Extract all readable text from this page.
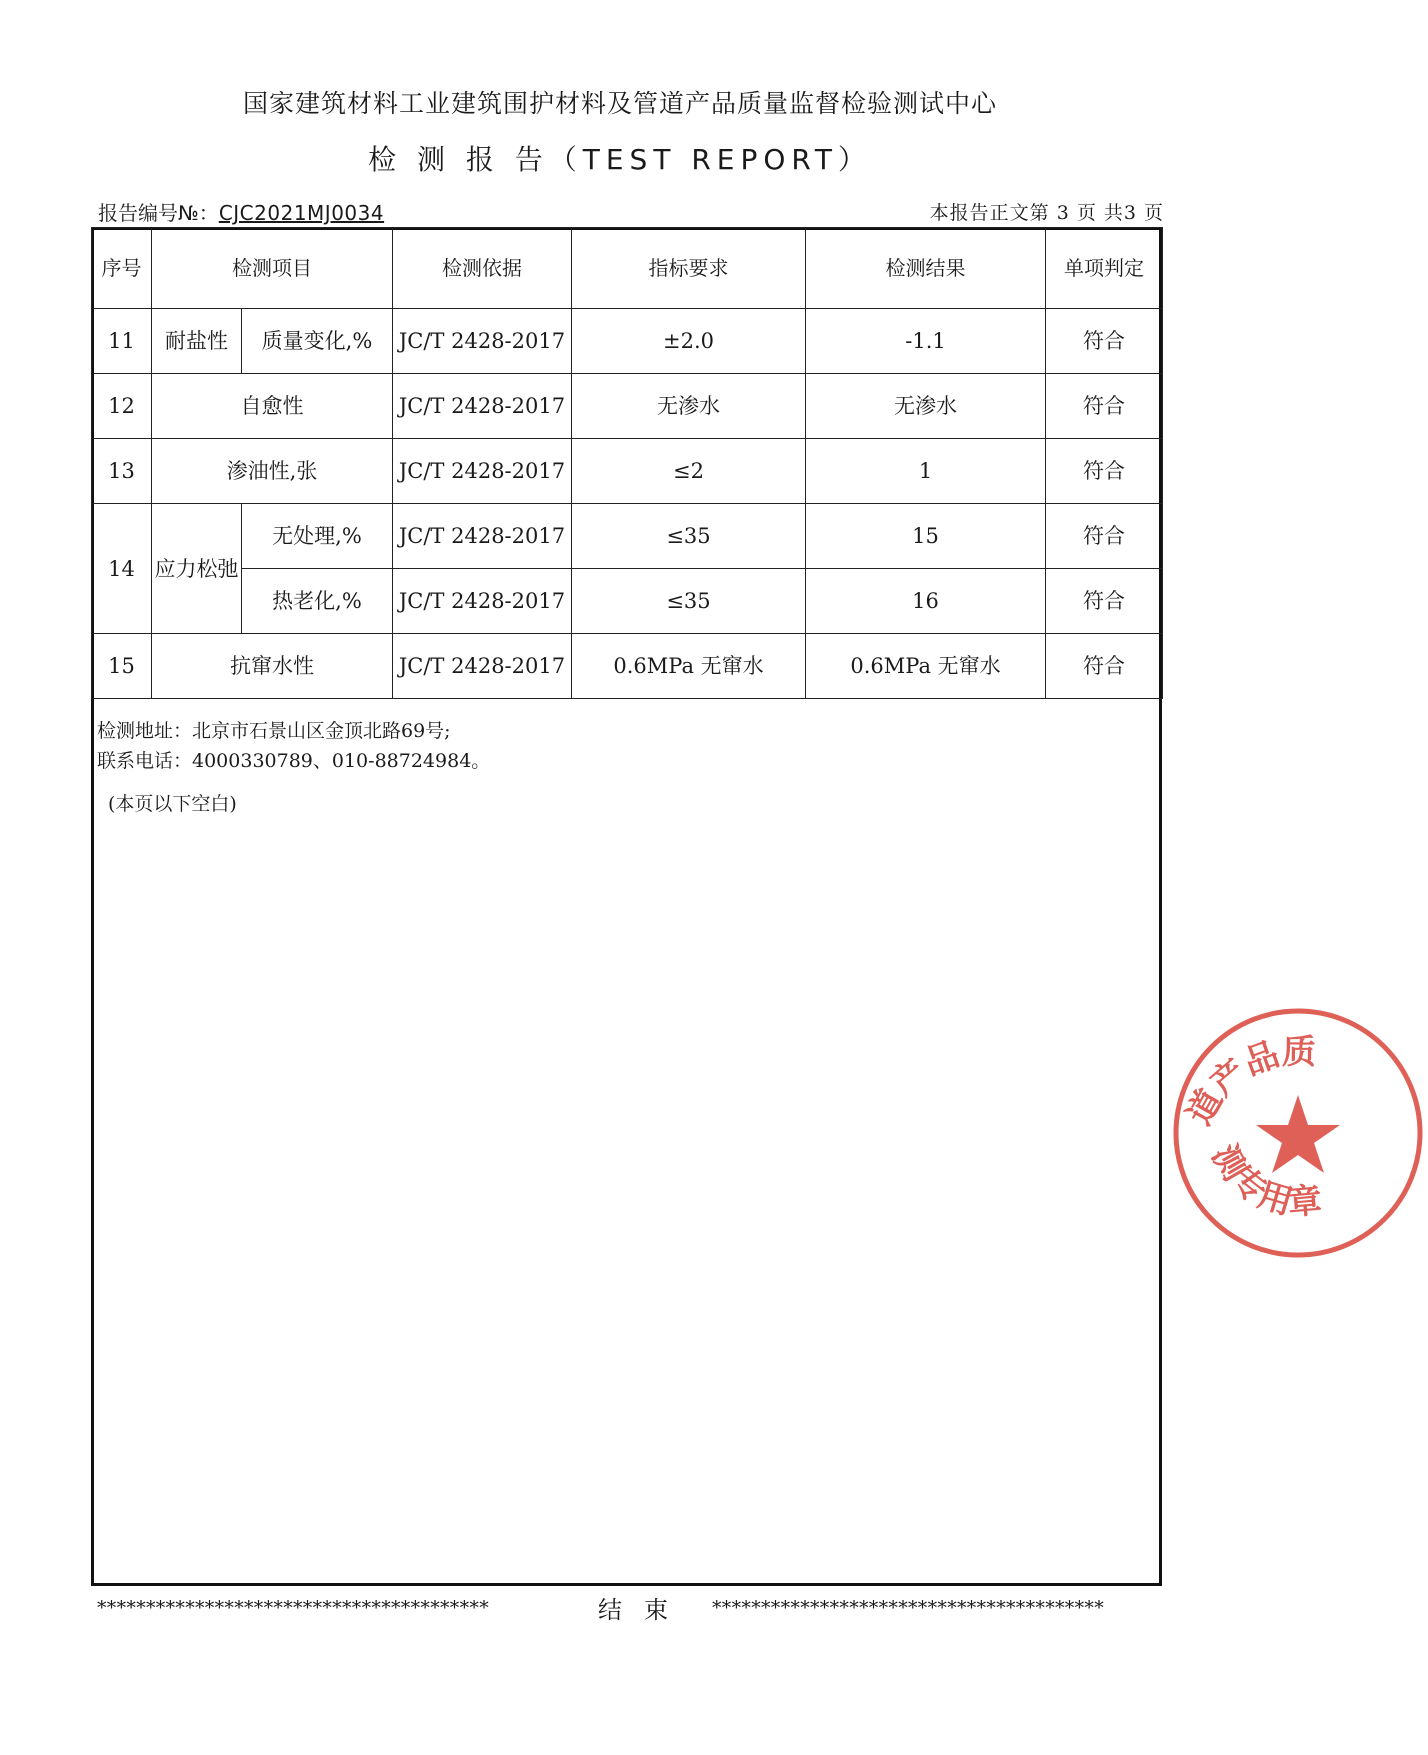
国家建筑材料工业建筑围护材料及管道产品质量监督检验测试中心
检 测 报 告（TEST REPORT）
报告编号№：CJC2021MJ0034	本报告正文第 3 页 共3 页
序号	检测项目		检测依据	指标要求	检测结果	单项判定
11	耐盐性	质量变化,%	JC/T 2428-2017	±2.0	-1.1	符合
12	自愈性		JC/T 2428-2017	无渗水	无渗水	符合
13	渗油性,张		JC/T 2428-2017	≤2	1	符合
14	应力松弛	无处理,%	JC/T 2428-2017	≤35	15	符合
		热老化,%	JC/T 2428-2017	≤35	16	符合
15	抗窜水性		JC/T 2428-2017	0.6MPa 无窜水	0.6MPa 无窜水	符合
检测地址：北京市石景山区金顶北路69号;
联系电话：4000330789、010-88724984。
(本页以下空白)
****************************************	结束 ****************************************
道产品质
测专用章
